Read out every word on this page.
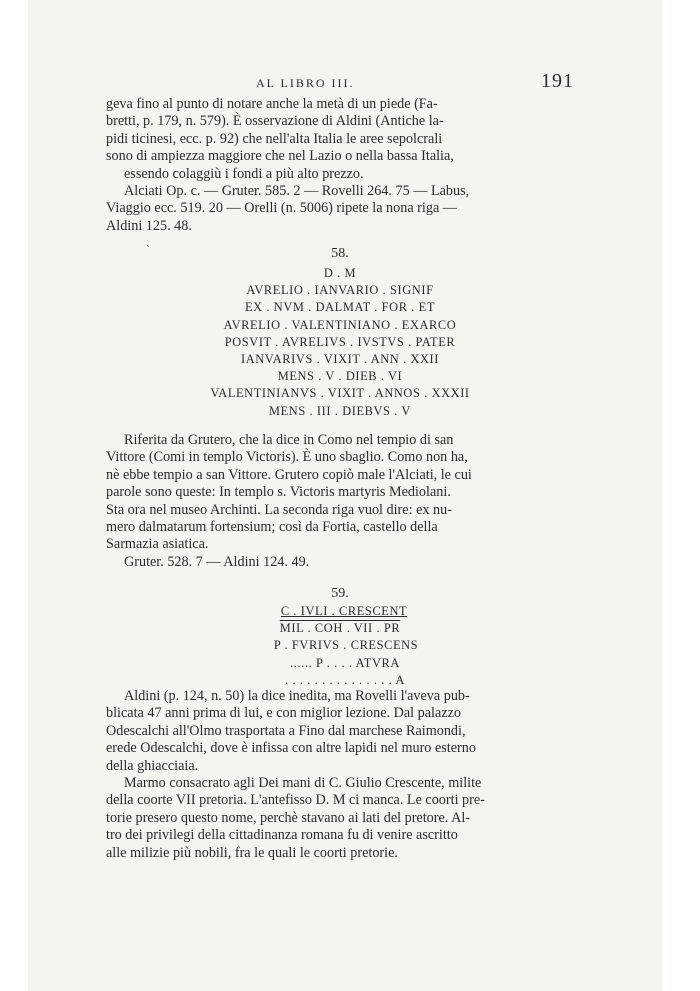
AL LIBRO III.	191
geva fino al punto di notare anche la metà di un piede (Fa-
bretti, p. 179, n. 579). È osservazione di Aldini (Antiche la-
pidi ticinesi, ecc. p. 92) che nell'alta Italia le aree sepolcrali
sono di ampiezza maggiore che nel Lazio o nella bassa Italia,
essendo colaggiù i fondi a più alto prezzo.
Alciati Op. c. — Gruter. 585. 2 — Rovelli 264. 75 — Labus,
Viaggio ecc. 519. 20 — Orelli (n. 5006) ripete la nona riga —
Aldini 125. 48.
`	58.
D . M
AVRELIO . IANVARIO . SIGNIF
EX . NVM . DALMAT . FOR . ET
AVRELIO . VALENTINIANO . EXARCO
POSVIT . AVRELIVS . IVSTVS . PATER
IANVARIVS . VIXIT . ANN . XXII
MENS . V . DIEB . VI
VALENTINIANVS . VIXIT . ANNOS . XXXII
MENS . III . DIEBVS . V
Riferita da Grutero, che la dice in Como nel tempio di san
Vittore (Comi in templo Victoris). È uno sbaglio. Como non ha,
nè ebbe tempio a san Vittore. Grutero copiò male l'Alciati, le cui
parole sono queste: In templo s. Victoris martyris Mediolani.
Sta ora nel museo Archinti. La seconda riga vuol dire: ex nu-
mero dalmatarum fortensium; così da Fortia, castello della
Sarmazia asiatica.
Gruter. 528. 7 — Aldini 124. 49.
59.
C . IVLI . CRESCENT
MIL . COH . VII . PR
P . FVRIVS . CRESCENS
...... P . . . . ATVRA
. . . . . . . . . . . . . . . A
Aldini (p. 124, n. 50) la dice inedita, ma Rovelli l'aveva pub-
blicata 47 anni prima di lui, e con miglior lezione. Dal palazzo
Odescalchi all'Olmo trasportata a Fino dal marchese Raimondi,
erede Odescalchi, dove è infissa con altre lapidi nel muro esterno
della ghiacciaia.
Marmo consacrato agli Dei mani di C. Giulio Crescente, milite
della coorte VII pretoria. L'antefisso D. M ci manca. Le coorti pre-
torie presero questo nome, perchè stavano ai lati del pretore. Al-
tro dei privilegi della cittadinanza romana fu di venire ascritto
alle milizie più nobili, fra le quali le coorti pretorie.
